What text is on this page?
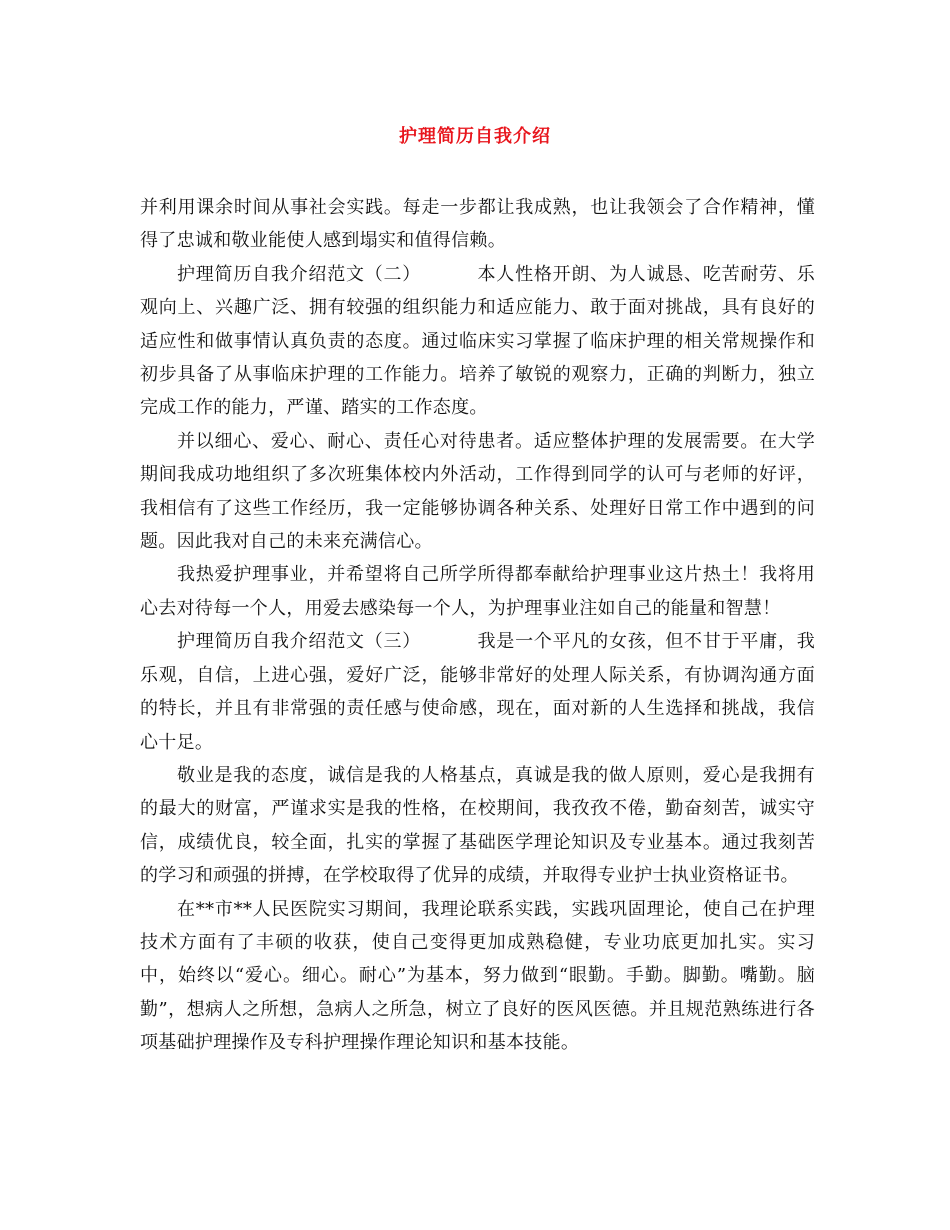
护理简历自我介绍

并利用课余时间从事社会实践。每走一步都让我成熟，也让我领会了合作精神，懂得了忠诚和敬业能使人感到塌实和值得信赖。

护理简历自我介绍范文（二）	本人性格开朗、为人诚恳、吃苦耐劳、乐观向上、兴趣广泛、拥有较强的组织能力和适应能力、敢于面对挑战，具有良好的适应性和做事情认真负责的态度。通过临床实习掌握了临床护理的相关常规操作和初步具备了从事临床护理的工作能力。培养了敏锐的观察力，正确的判断力，独立完成工作的能力，严谨、踏实的工作态度。

并以细心、爱心、耐心、责任心对待患者。适应整体护理的发展需要。在大学期间我成功地组织了多次班集体校内外活动，工作得到同学的认可与老师的好评，我相信有了这些工作经历，我一定能够协调各种关系、处理好日常工作中遇到的问题。因此我对自己的未来充满信心。

我热爱护理事业，并希望将自己所学所得都奉献给护理事业这片热土！我将用心去对待每一个人，用爱去感染每一个人，为护理事业注如自己的能量和智慧！

护理简历自我介绍范文（三）	我是一个平凡的女孩，但不甘于平庸，我乐观，自信，上进心强，爱好广泛，能够非常好的处理人际关系，有协调沟通方面的特长，并且有非常强的责任感与使命感，现在，面对新的人生选择和挑战，我信心十足。

敬业是我的态度，诚信是我的人格基点，真诚是我的做人原则，爱心是我拥有的最大的财富，严谨求实是我的性格，在校期间，我孜孜不倦，勤奋刻苦，诚实守信，成绩优良，较全面，扎实的掌握了基础医学理论知识及专业基本。通过我刻苦的学习和顽强的拼搏，在学校取得了优异的成绩，并取得专业护士执业资格证书。

在**市**人民医院实习期间，我理论联系实践，实践巩固理论，使自己在护理技术方面有了丰硕的收获，使自己变得更加成熟稳健，专业功底更加扎实。实习中，始终以“爱心。细心。耐心”为基本，努力做到“眼勤。手勤。脚勤。嘴勤。脑勤”，想病人之所想，急病人之所急，树立了良好的医风医德。并且规范熟练进行各项基础护理操作及专科护理操作理论知识和基本技能。
